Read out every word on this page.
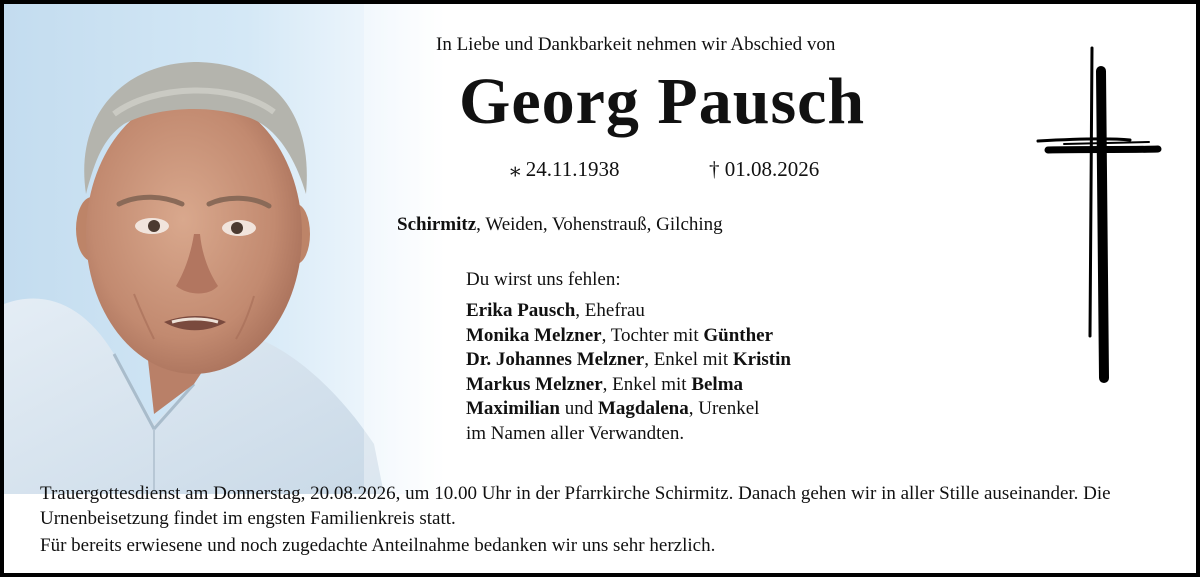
In Liebe und Dankbarkeit nehmen wir Abschied von
Georg Pausch
⁎ 24.11.1938	† 01.08.2026
Schirmitz, Weiden, Vohenstrauß, Gilching
Du wirst uns fehlen:
Erika Pausch, Ehefrau
Monika Melzner, Tochter mit Günther
Dr. Johannes Melzner, Enkel mit Kristin
Markus Melzner, Enkel mit Belma
Maximilian und Magdalena, Urenkel
im Namen aller Verwandten.
Trauergottesdienst am Donnerstag, 20.08.2026, um 10.00 Uhr in der Pfarrkirche Schirmitz. Danach gehen wir in aller Stille auseinander. Die Urnenbeisetzung findet im engsten Familienkreis statt.
Für bereits erwiesene und noch zugedachte Anteilnahme bedanken wir uns sehr herzlich.
